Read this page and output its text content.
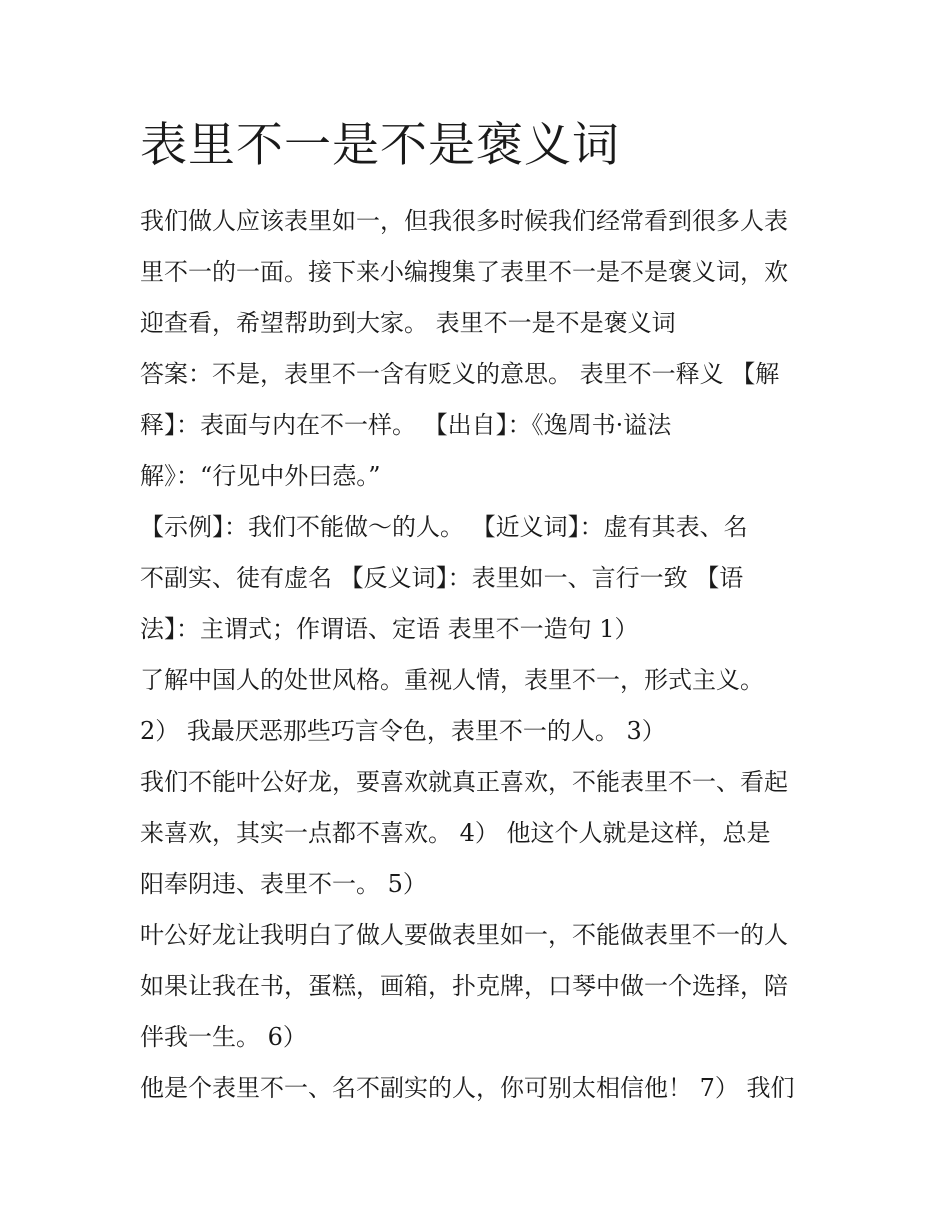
表里不一是不是褒义词
我们做人应该表里如一，但我很多时候我们经常看到很多人表
里不一的一面。接下来小编搜集了表里不一是不是褒义词，欢
迎查看，希望帮助到大家。 表里不一是不是褒义词
答案：不是，表里不一含有贬义的意思。 表里不一释义 【解
释】：表面与内在不一样。 【出自】：《逸周书·谥法
解》：“行见中外曰悫。”
【示例】：我们不能做～的人。 【近义词】：虚有其表、名
不副实、徒有虚名 【反义词】：表里如一、言行一致 【语
法】：主谓式；作谓语、定语 表里不一造句 1）
了解中国人的处世风格。重视人情，表里不一，形式主义。
2） 我最厌恶那些巧言令色，表里不一的人。 3）
我们不能叶公好龙，要喜欢就真正喜欢，不能表里不一、看起
来喜欢，其实一点都不喜欢。 4） 他这个人就是这样，总是
阳奉阴违、表里不一。 5）
叶公好龙让我明白了做人要做表里如一，不能做表里不一的人
如果让我在书，蛋糕，画箱，扑克牌，口琴中做一个选择，陪
伴我一生。 6）
他是个表里不一、名不副实的人，你可别太相信他！ 7） 我们
